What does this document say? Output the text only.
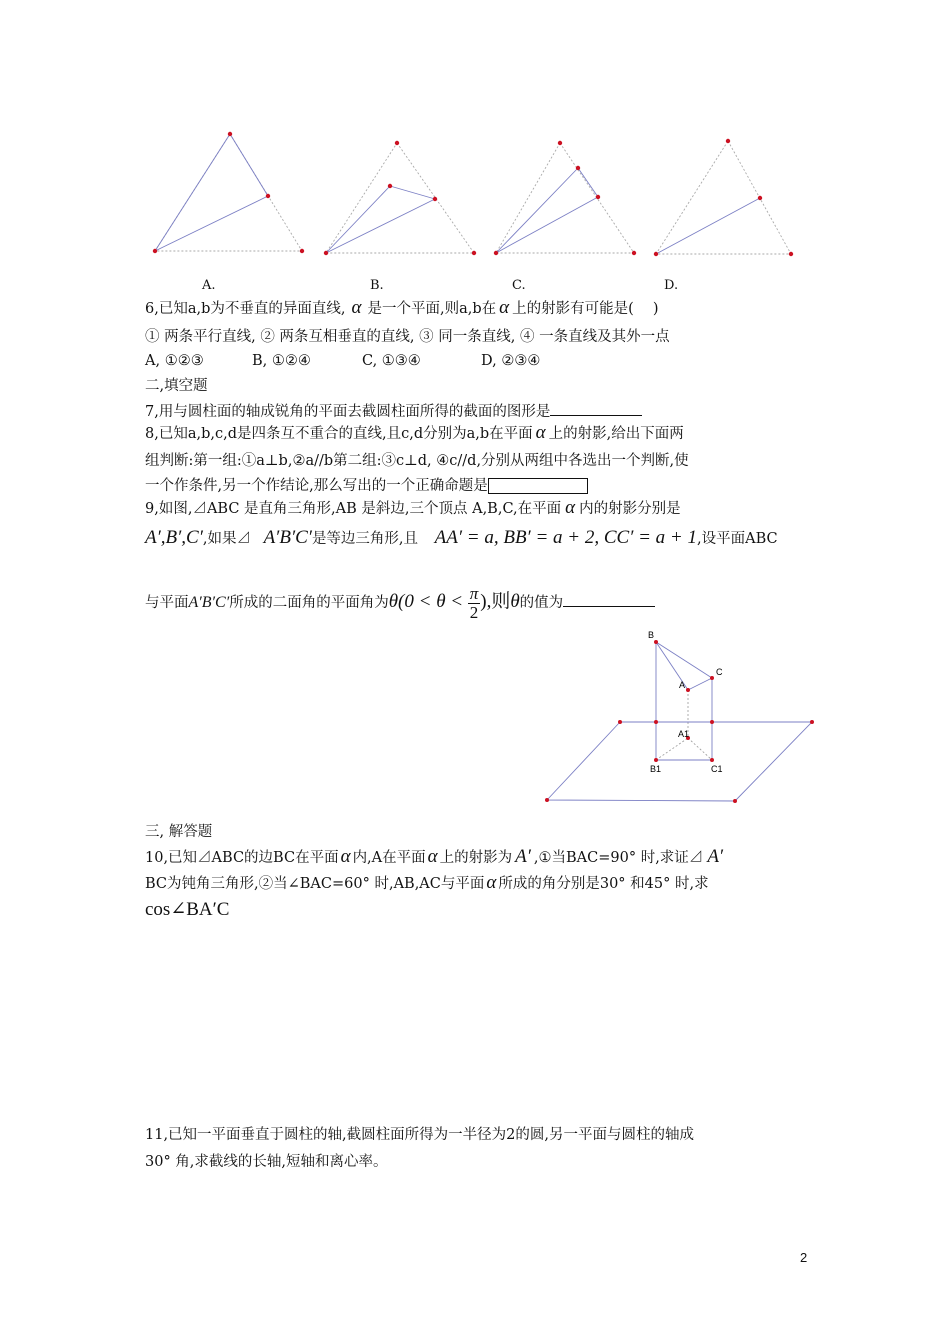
A.	B.	C.	D.
6,已知a,b为不垂直的异面直线, α 是一个平面,则a,b在 α 上的射影有可能是(　 )
① 两条平行直线, ② 两条互相垂直的直线, ③ 同一条直线, ④ 一条直线及其外一点
A, ①②③	B, ①②④	C, ①③④	D, ②③④
二,填空题
7,用与圆柱面的轴成锐角的平面去截圆柱面所得的截面的图形是
8,已知a,b,c,d是四条互不重合的直线,且c,d分别为a,b在平面 α 上的射影,给出下面两
组判断:第一组:①a⊥b,②a//b第二组:③c⊥d, ④c//d,分别从两组中各选出一个判断,使
一个作条件,另一个作结论,那么写出的一个正确命题是
9,如图,⊿ABC 是直角三角形,AB 是斜边,三个顶点 A,B,C,在平面 α 内的射影分别是
A′,B′,C′,如果⊿ A′B′C′是等边三角形,且 AA′ = a, BB′ = a + 2, CC′ = a + 1,设平面ABC
与平面A′B′C′所成的二面角的平面角为$\theta(0 < \theta < \frac{\pi}{2}$ ),则θ的值为
B
C
A
A1
B1	C1
三, 解答题
10,已知⊿ABC的边BC在平面 α 内,A在平面 α 上的射影为 A′ ,①当BAC=90° 时,求证⊿ A′
BC为钝角三角形,②当∠BAC=60° 时,AB,AC与平面 α 所成的角分别是30° 和45° 时,求
cos∠BA′C
11,已知一平面垂直于圆柱的轴,截圆柱面所得为一半径为2的圆,另一平面与圆柱的轴成
30° 角,求截线的长轴,短轴和离心率。
2
